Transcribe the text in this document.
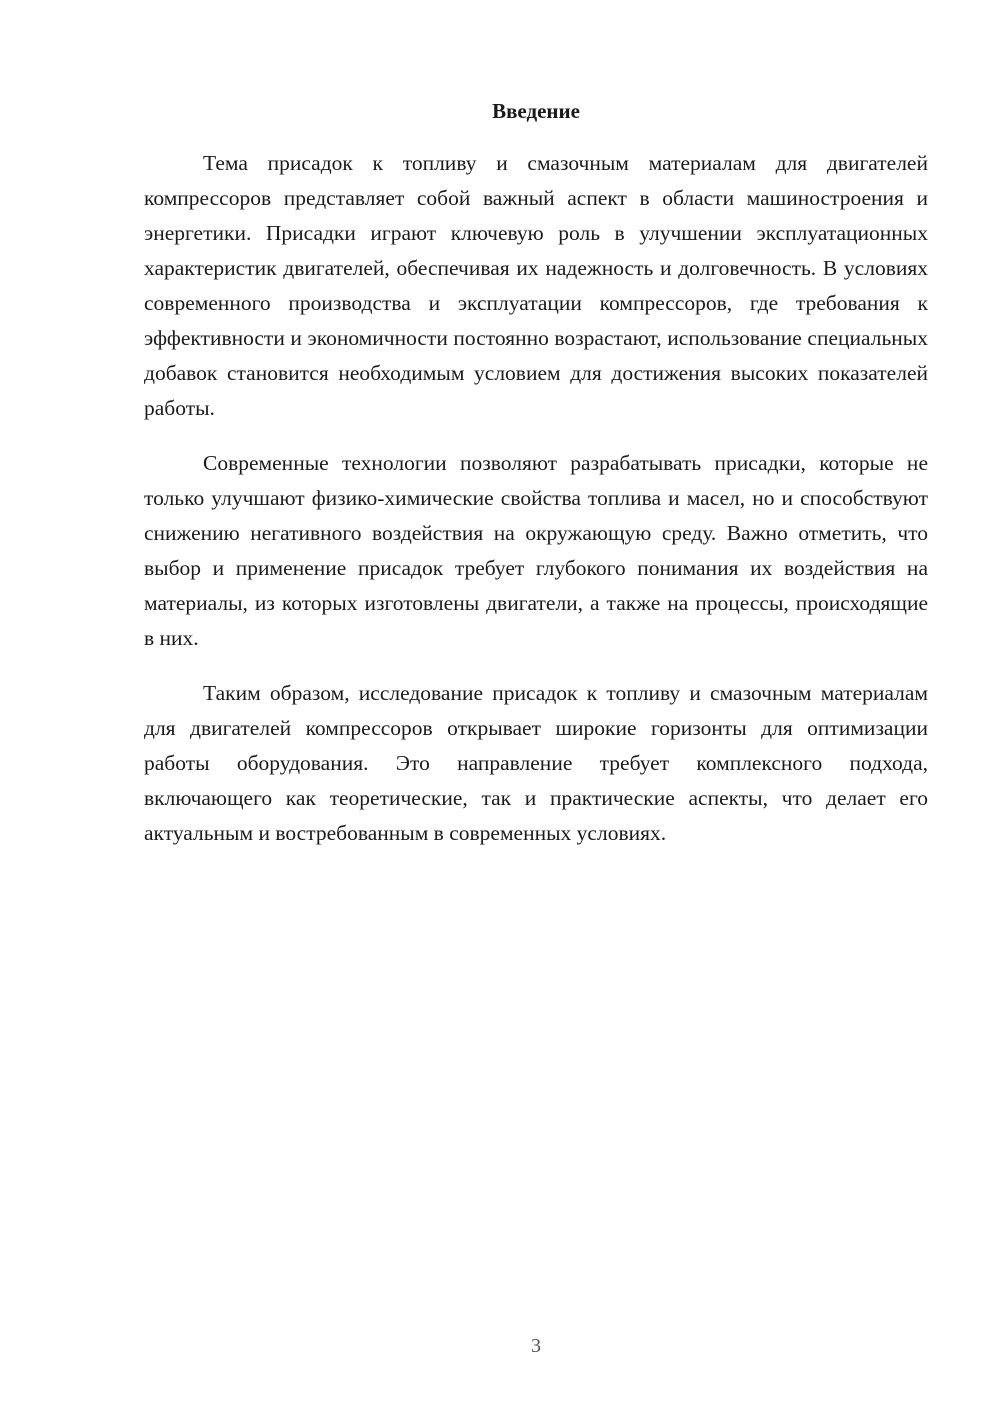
Введение

Тема присадок к топливу и смазочным материалам для двигателей компрессоров представляет собой важный аспект в области машиностроения и энергетики. Присадки играют ключевую роль в улучшении эксплуатационных характеристик двигателей, обеспечивая их надежность и долговечность. В условиях современного производства и эксплуатации компрессоров, где требования к эффективности и экономичности постоянно возрастают, использование специальных добавок становится необходимым условием для достижения высоких показателей работы.

Современные технологии позволяют разрабатывать присадки, которые не только улучшают физико-химические свойства топлива и масел, но и способствуют снижению негативного воздействия на окружающую среду. Важно отметить, что выбор и применение присадок требует глубокого понимания их воздействия на материалы, из которых изготовлены двигатели, а также на процессы, происходящие в них.

Таким образом, исследование присадок к топливу и смазочным материалам для двигателей компрессоров открывает широкие горизонты для оптимизации работы оборудования. Это направление требует комплексного подхода, включающего как теоретические, так и практические аспекты, что делает его актуальным и востребованным в современных условиях.

3
